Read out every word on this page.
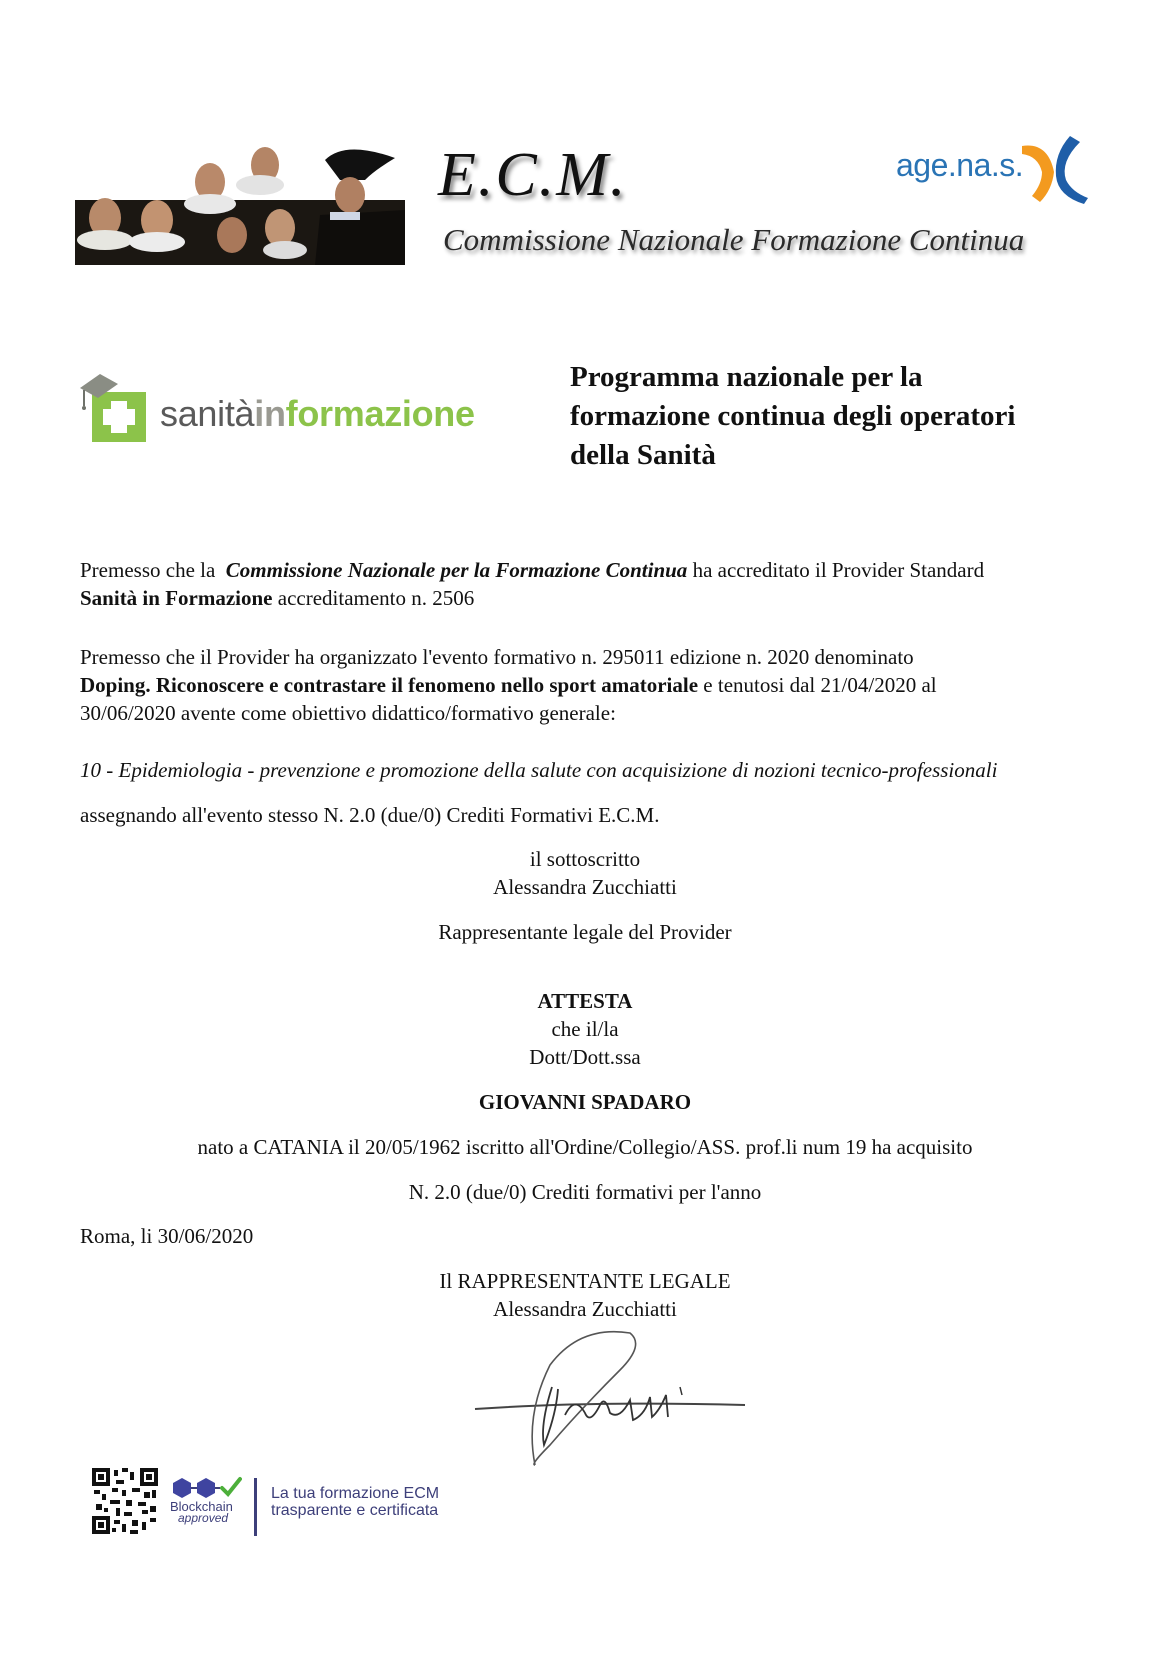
E.C.M.
Commissione Nazionale Formazione Continua
age.na.s.
sanitàinformazione
Programma nazionale per la
formazione continua degli operatori
della Sanità
Premesso che la  Commissione Nazionale per la Formazione Continua ha accreditato il Provider Standard
Sanità in Formazione accreditamento n. 2506
Premesso che il Provider ha organizzato l'evento formativo n. 295011 edizione n. 2020 denominato
Doping. Riconoscere e contrastare il fenomeno nello sport amatoriale e tenutosi dal 21/04/2020 al
30/06/2020 avente come obiettivo didattico/formativo generale:
10 - Epidemiologia - prevenzione e promozione della salute con acquisizione di nozioni tecnico-professionali
assegnando all'evento stesso N. 2.0 (due/0) Crediti Formativi E.C.M.
il sottoscritto
Alessandra Zucchiatti
Rappresentante legale del Provider
ATTESTA
che il/la
Dott/Dott.ssa
GIOVANNI SPADARO
nato a CATANIA il 20/05/1962 iscritto all'Ordine/Collegio/ASS. prof.li num 19 ha acquisito
N. 2.0 (due/0) Crediti formativi per l'anno
Roma, li 30/06/2020
Il RAPPRESENTANTE LEGALE
Alessandra Zucchiatti
Blockchain
approved
La tua formazione ECM
trasparente e certificata
